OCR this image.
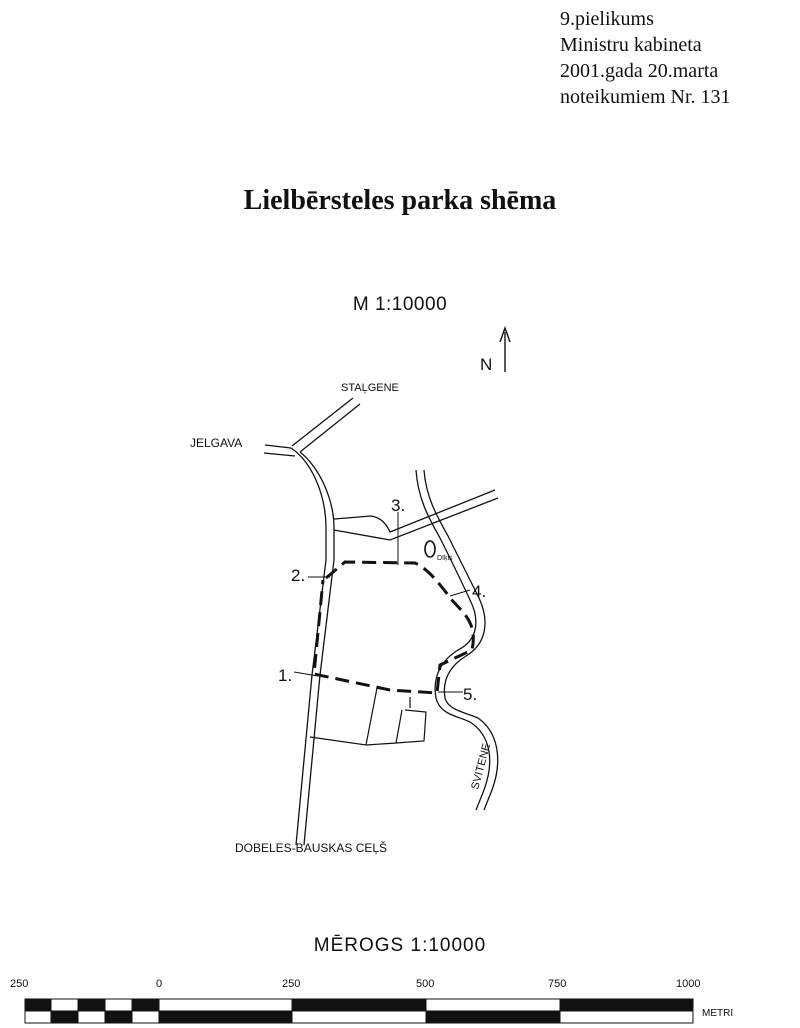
9.pielikums
Ministru kabineta
2001.gada 20.marta
noteikumiem Nr. 131
Lielbērsteles parka shēma
M 1:10000
N
Dīķis
3.
2.
1.
4.
5.
STAĻGENE
JELGAVA
DOBELES-BAUSKAS CEĻŠ
SVITENE
MĒROGS 1:10000
250	0	250	500	750	1000
METRI
